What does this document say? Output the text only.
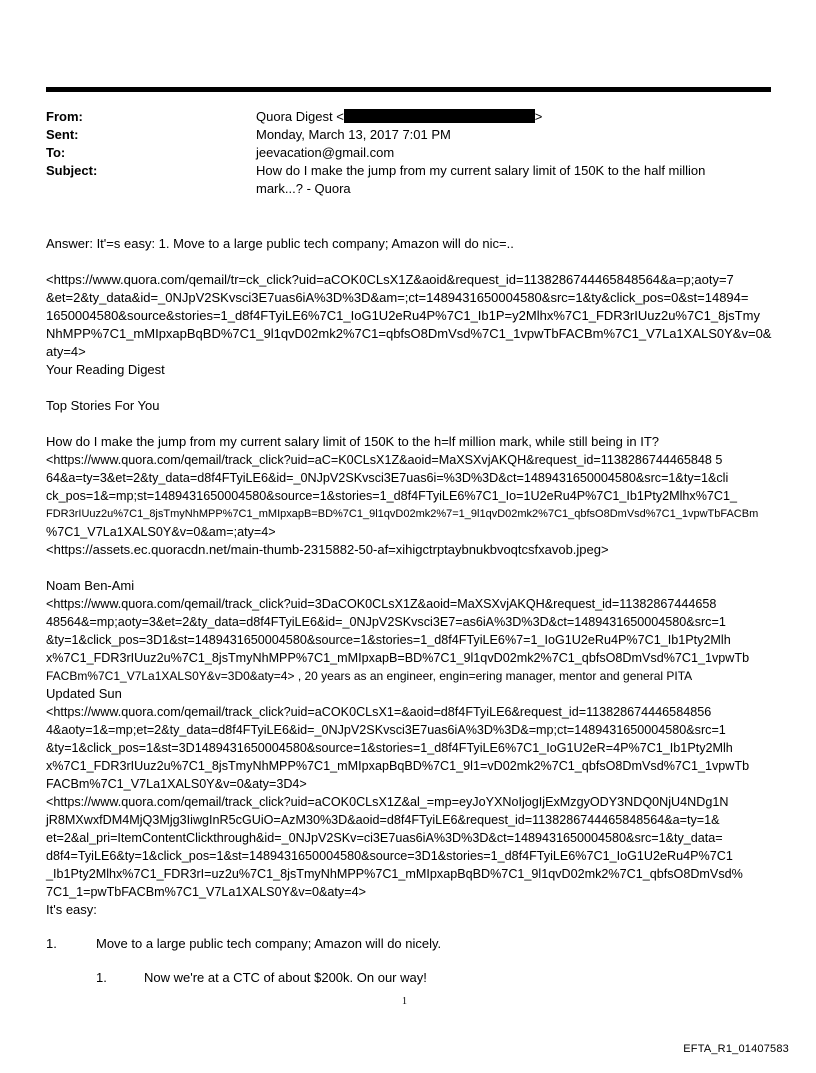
From:	Quora Digest <	>
Sent:	Monday, March 13, 2017 7:01 PM
To:	jeevacation@gmail.com
Subject:	How do I make the jump from my current salary limit of 150K to the half million
mark...? - Quora
Answer: It'=s easy: 1. Move to a large public tech company; Amazon will do nic=..
<https://www.quora.com/qemail/tr=ck_click?uid=aCOK0CLsX1Z&aoid&request_id=1138286744465848564&a=p;aoty=7
&et=2&ty_data&id=_0NJpV2SKvsci3E7uas6iA%3D%3D&am=;ct=1489431650004580&src=1&ty&click_pos=0&st=14894=
1650004580&source&stories=1_d8f4FTyiLE6%7C1_IoG1U2eRu4P%7C1_Ib1P=y2Mlhx%7C1_FDR3rIUuz2u%7C1_8jsTmy
NhMPP%7C1_mMIpxapBqBD%7C1_9l1qvD02mk2%7C1=qbfsO8DmVsd%7C1_1vpwTbFACBm%7C1_V7La1XALS0Y&v=0&
aty=4>
Your Reading Digest
Top Stories For You
How do I make the jump from my current salary limit of 150K to the h=lf million mark, while still being in IT?
<https://www.quora.com/qemail/track_click?uid=aC=K0CLsX1Z&aoid=MaXSXvjAKQH&request_id=1138286744465848 5
64&a=ty=3&et=2&ty_data=d8f4FTyiLE6&id=_0NJpV2SKvsci3E7uas6i=%3D%3D&ct=1489431650004580&src=1&ty=1&cli
ck_pos=1&=mp;st=1489431650004580&source=1&stories=1_d8f4FTyiLE6%7C1_Io=1U2eRu4P%7C1_Ib1Pty2Mlhx%7C1_
FDR3rIUuz2u%7C1_8jsTmyNhMPP%7C1_mMIpxapB=BD%7C1_9l1qvD02mk2%7=1_9l1qvD02mk2%7C1_qbfsO8DmVsd%7C1_1vpwTbFACBm
%7C1_V7La1XALS0Y&v=0&am=;aty=4>
<https://assets.ec.quoracdn.net/main-thumb-2315882-50-af=xihigctrptaybnukbvoqtcsfxavob.jpeg>
Noam Ben-Ami
<https://www.quora.com/qemail/track_click?uid=3DaCOK0CLsX1Z&aoid=MaXSXvjAKQH&request_id=11382867444658
48564&=mp;aoty=3&et=2&ty_data=d8f4FTyiLE6&id=_0NJpV2SKvsci3E7=as6iA%3D%3D&ct=1489431650004580&src=1
&ty=1&click_pos=3D1&st=1489431650004580&source=1&stories=1_d8f4FTyiLE6%7=1_IoG1U2eRu4P%7C1_Ib1Pty2Mlh
x%7C1_FDR3rIUuz2u%7C1_8jsTmyNhMPP%7C1_mMIpxapB=BD%7C1_9l1qvD02mk2%7C1_qbfsO8DmVsd%7C1_1vpwTb
FACBm%7C1_V7La1XALS0Y&v=3D0&aty=4> , 20 years as an engineer, engin=ering manager, mentor and general PITA
Updated Sun
<https://www.quora.com/qemail/track_click?uid=aCOK0CLsX1=&aoid=d8f4FTyiLE6&request_id=113828674446584856
4&aoty=1&=mp;et=2&ty_data=d8f4FTyiLE6&id=_0NJpV2SKvsci3E7uas6iA%3D%3D&=mp;ct=1489431650004580&src=1
&ty=1&click_pos=1&st=3D1489431650004580&source=1&stories=1_d8f4FTyiLE6%7C1_IoG1U2eR=4P%7C1_Ib1Pty2Mlh
x%7C1_FDR3rIUuz2u%7C1_8jsTmyNhMPP%7C1_mMIpxapBqBD%7C1_9l1=vD02mk2%7C1_qbfsO8DmVsd%7C1_1vpwTb
FACBm%7C1_V7La1XALS0Y&v=0&aty=3D4>
<https://www.quora.com/qemail/track_click?uid=aCOK0CLsX1Z&al_=mp=eyJoYXNoIjogIjExMzgyODY3NDQ0NjU4NDg1N
jR8MXwxfDM4MjQ3Mjg3IiwgInR5cGUiO=AzM30%3D&aoid=d8f4FTyiLE6&request_id=1138286744465848564&a=ty=1&
et=2&al_pri=ItemContentClickthrough&id=_0NJpV2SKv=ci3E7uas6iA%3D%3D&ct=1489431650004580&src=1&ty_data=
d8f4=TyiLE6&ty=1&click_pos=1&st=1489431650004580&source=3D1&stories=1_d8f4FTyiLE6%7C1_IoG1U2eRu4P%7C1
_Ib1Pty2Mlhx%7C1_FDR3rI=uz2u%7C1_8jsTmyNhMPP%7C1_mMIpxapBqBD%7C1_9l1qvD02mk2%7C1_qbfsO8DmVsd%
7C1_1=pwTbFACBm%7C1_V7La1XALS0Y&v=0&aty=4>
It's easy:
1.	Move to a large public tech company; Amazon will do nicely.
1.	Now we're at a CTC of about $200k. On our way!
1
EFTA_R1_01407583
